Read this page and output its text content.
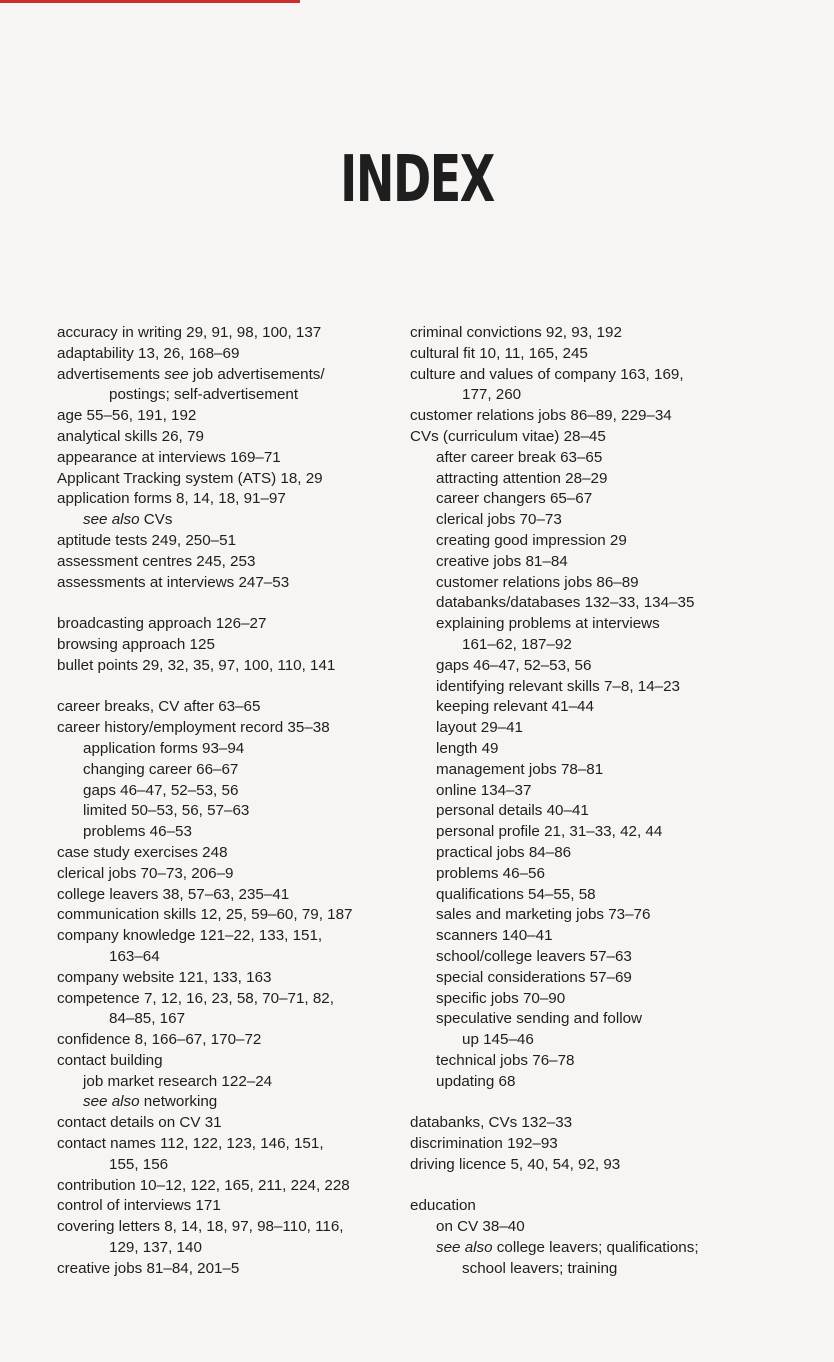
INDEX
accuracy in writing 29, 91, 98, 100, 137
adaptability 13, 26, 168–69
advertisements see job advertisements/
postings; self-advertisement
age 55–56, 191, 192
analytical skills 26, 79
appearance at interviews 169–71
Applicant Tracking system (ATS) 18, 29
application forms 8, 14, 18, 91–97
see also CVs
aptitude tests 249, 250–51
assessment centres 245, 253
assessments at interviews 247–53
broadcasting approach 126–27
browsing approach 125
bullet points 29, 32, 35, 97, 100, 110, 141
career breaks, CV after 63–65
career history/employment record 35–38
application forms 93–94
changing career 66–67
gaps 46–47, 52–53, 56
limited 50–53, 56, 57–63
problems 46–53
case study exercises 248
clerical jobs 70–73, 206–9
college leavers 38, 57–63, 235–41
communication skills 12, 25, 59–60, 79, 187
company knowledge 121–22, 133, 151,
163–64
company website 121, 133, 163
competence 7, 12, 16, 23, 58, 70–71, 82,
84–85, 167
confidence 8, 166–67, 170–72
contact building
job market research 122–24
see also networking
contact details on CV 31
contact names 112, 122, 123, 146, 151,
155, 156
contribution 10–12, 122, 165, 211, 224, 228
control of interviews 171
covering letters 8, 14, 18, 97, 98–110, 116,
129, 137, 140
creative jobs 81–84, 201–5
criminal convictions 92, 93, 192
cultural fit 10, 11, 165, 245
culture and values of company 163, 169,
177, 260
customer relations jobs 86–89, 229–34
CVs (curriculum vitae) 28–45
after career break 63–65
attracting attention 28–29
career changers 65–67
clerical jobs 70–73
creating good impression 29
creative jobs 81–84
customer relations jobs 86–89
databanks/databases 132–33, 134–35
explaining problems at interviews
161–62, 187–92
gaps 46–47, 52–53, 56
identifying relevant skills 7–8, 14–23
keeping relevant 41–44
layout 29–41
length 49
management jobs 78–81
online 134–37
personal details 40–41
personal profile 21, 31–33, 42, 44
practical jobs 84–86
problems 46–56
qualifications 54–55, 58
sales and marketing jobs 73–76
scanners 140–41
school/college leavers 57–63
special considerations 57–69
specific jobs 70–90
speculative sending and follow
up 145–46
technical jobs 76–78
updating 68
databanks, CVs 132–33
discrimination 192–93
driving licence 5, 40, 54, 92, 93
education
on CV 38–40
see also college leavers; qualifications;
school leavers; training
